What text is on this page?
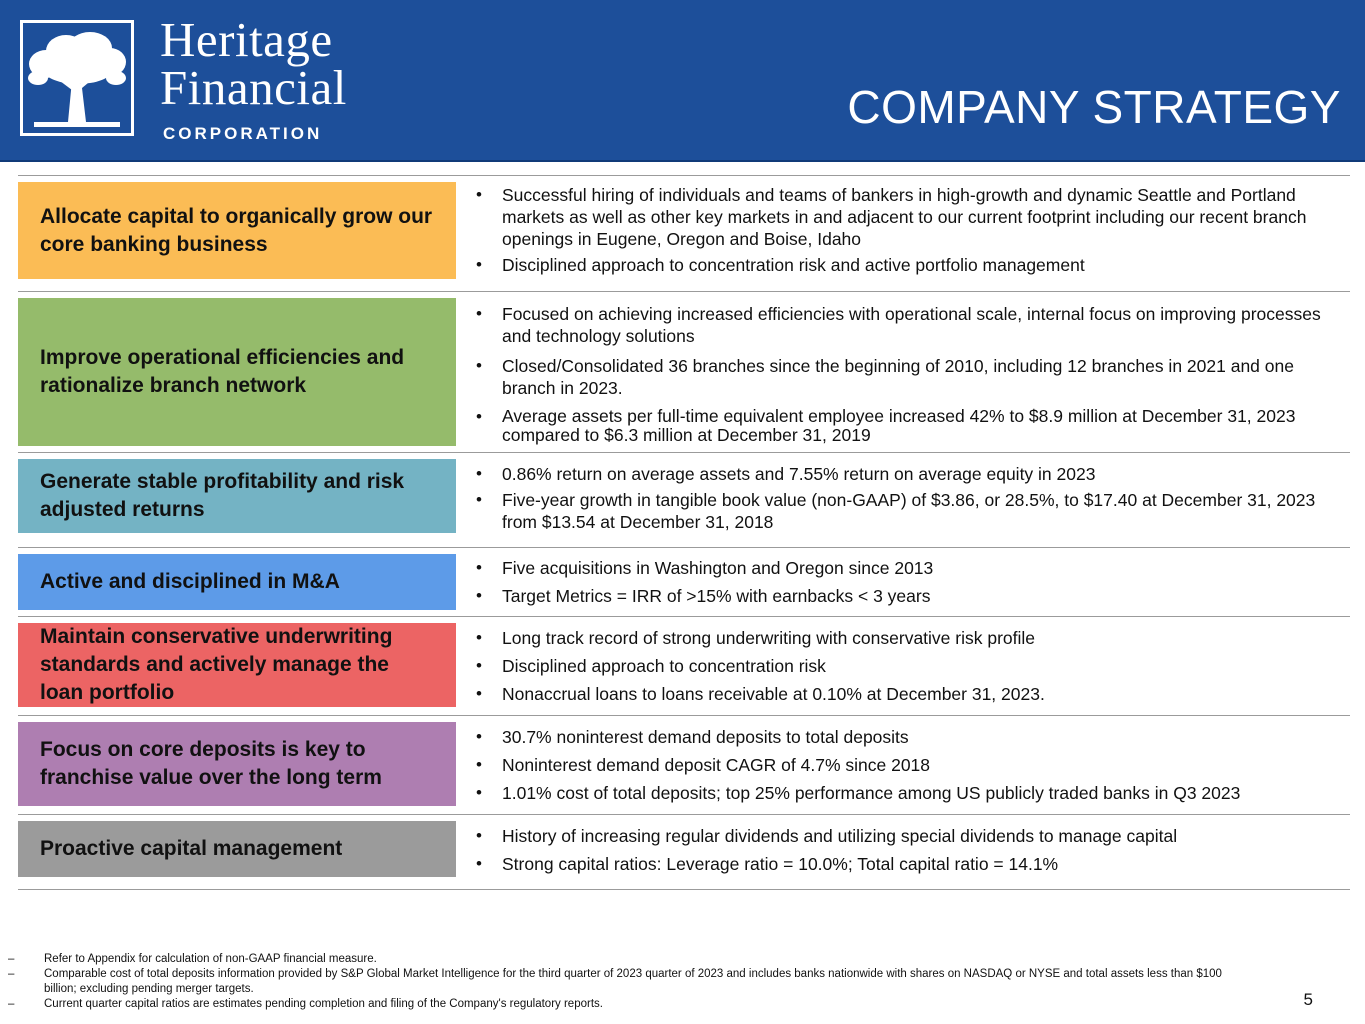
Heritage
Financial
CORPORATION
COMPANY STRATEGY
Allocate capital to organically grow our core banking business
• Successful hiring of individuals and teams of bankers in high-growth and dynamic Seattle and Portland markets as well as other key markets in and adjacent to our current footprint including our recent branch openings in Eugene, Oregon and Boise, Idaho
• Disciplined approach to concentration risk and active portfolio management
Improve operational efficiencies and rationalize branch network
• Focused on achieving increased efficiencies with operational scale, internal focus on improving processes and technology solutions
• Closed/Consolidated 36 branches since the beginning of 2010, including 12 branches in 2021 and one branch in 2023.
• Average assets per full-time equivalent employee increased 42% to $8.9 million at December 31, 2023 compared to $6.3 million at December 31, 2019
Generate stable profitability and risk adjusted returns
• 0.86% return on average assets and 7.55% return on average equity in 2023
• Five-year growth in tangible book value (non-GAAP) of $3.86, or 28.5%, to $17.40 at December 31, 2023 from $13.54 at December 31, 2018
Active and disciplined in M&A
• Five acquisitions in Washington and Oregon since 2013
• Target Metrics = IRR of >15% with earnbacks < 3 years
Maintain conservative underwriting standards and actively manage the loan portfolio
• Long track record of strong underwriting with conservative risk profile
• Disciplined approach to concentration risk
• Nonaccrual loans to loans receivable at 0.10% at December 31, 2023.
Focus on core deposits is key to franchise value over the long term
• 30.7% noninterest demand deposits to total deposits
• Noninterest demand deposit CAGR of 4.7% since 2018
• 1.01% cost of total deposits; top 25% performance among US publicly traded banks in Q3 2023
Proactive capital management
• History of increasing regular dividends and utilizing special dividends to manage capital
• Strong capital ratios: Leverage ratio = 10.0%; Total capital ratio = 14.1%
–	Refer to Appendix for calculation of non-GAAP financial measure.
–	Comparable cost of total deposits information provided by S&P Global Market Intelligence for the third quarter of 2023 quarter of 2023 and includes banks nationwide with shares on NASDAQ or NYSE and total assets less than $100 billion; excluding pending merger targets.
–	Current quarter capital ratios are estimates pending completion and filing of the Company's regulatory reports.	5
